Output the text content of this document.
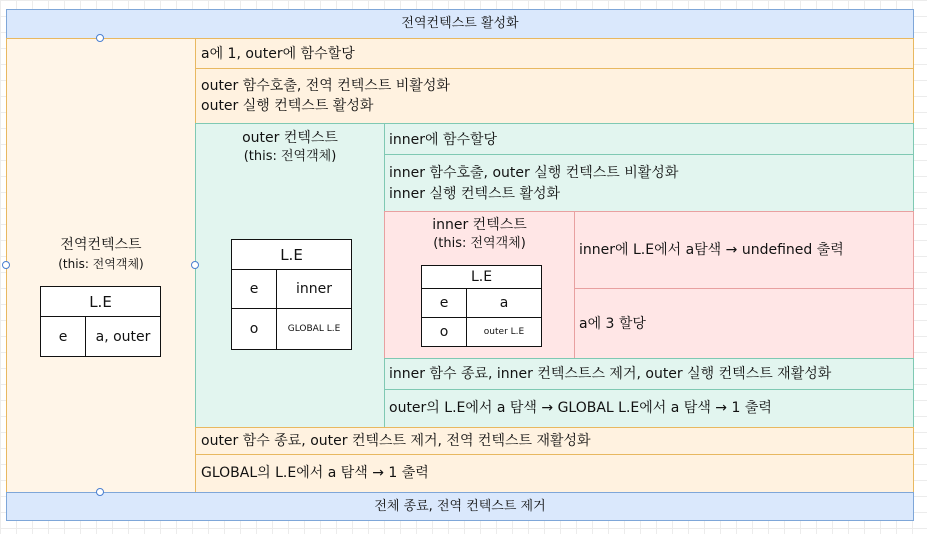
전역컨텍스트 활성화
전역컨텍스트
(this: 전역객체)
L.E
e	a, outer
a에 1, outer에 함수할당
outer 함수호출, 전역 컨텍스트 비활성화
outer 실행 컨텍스트 활성화
outer 컨텍스트
(this: 전역객체)
L.E
e	inner
o	GLOBAL L.E
inner에 함수할당
inner 함수호출, outer 실행 컨텍스트 비활성화
inner 실행 컨텍스트 활성화
inner 컨텍스트
(this: 전역객체)
L.E
e	a
o	outer L.E
inner에 L.E에서 a탐색 → undefined 출력
a에 3 할당
inner 함수 종료, inner 컨텍스트스 제거, outer 실행 컨텍스트 재활성화
outer의 L.E에서 a 탐색 → GLOBAL L.E에서 a 탐색 → 1 출력
outer 함수 종료, outer 컨텍스트 제거, 전역 컨텍스트 재활성화
GLOBAL의 L.E에서 a 탐색 → 1 출력
전체 종료, 전역 컨텍스트 제거
